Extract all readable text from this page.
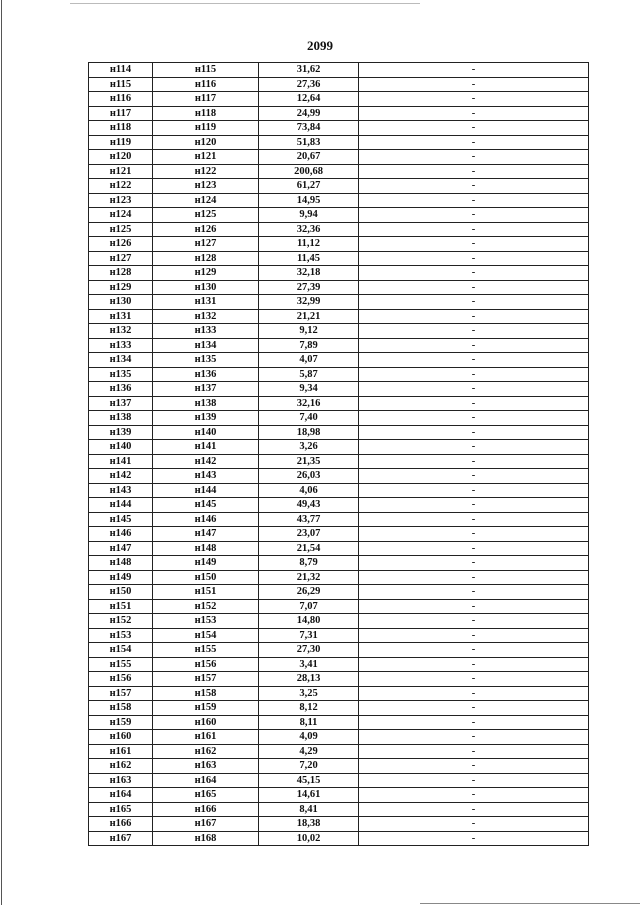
2099
н114	н115	31,62	-
н115	н116	27,36	-
н116	н117	12,64	-
н117	н118	24,99	-
н118	н119	73,84	-
н119	н120	51,83	-
н120	н121	20,67	-
н121	н122	200,68	-
н122	н123	61,27	-
н123	н124	14,95	-
н124	н125	9,94	-
н125	н126	32,36	-
н126	н127	11,12	-
н127	н128	11,45	-
н128	н129	32,18	-
н129	н130	27,39	-
н130	н131	32,99	-
н131	н132	21,21	-
н132	н133	9,12	-
н133	н134	7,89	-
н134	н135	4,07	-
н135	н136	5,87	-
н136	н137	9,34	-
н137	н138	32,16	-
н138	н139	7,40	-
н139	н140	18,98	-
н140	н141	3,26	-
н141	н142	21,35	-
н142	н143	26,03	-
н143	н144	4,06	-
н144	н145	49,43	-
н145	н146	43,77	-
н146	н147	23,07	-
н147	н148	21,54	-
н148	н149	8,79	-
н149	н150	21,32	-
н150	н151	26,29	-
н151	н152	7,07	-
н152	н153	14,80	-
н153	н154	7,31	-
н154	н155	27,30	-
н155	н156	3,41	-
н156	н157	28,13	-
н157	н158	3,25	-
н158	н159	8,12	-
н159	н160	8,11	-
н160	н161	4,09	-
н161	н162	4,29	-
н162	н163	7,20	-
н163	н164	45,15	-
н164	н165	14,61	-
н165	н166	8,41	-
н166	н167	18,38	-
н167	н168	10,02	-
